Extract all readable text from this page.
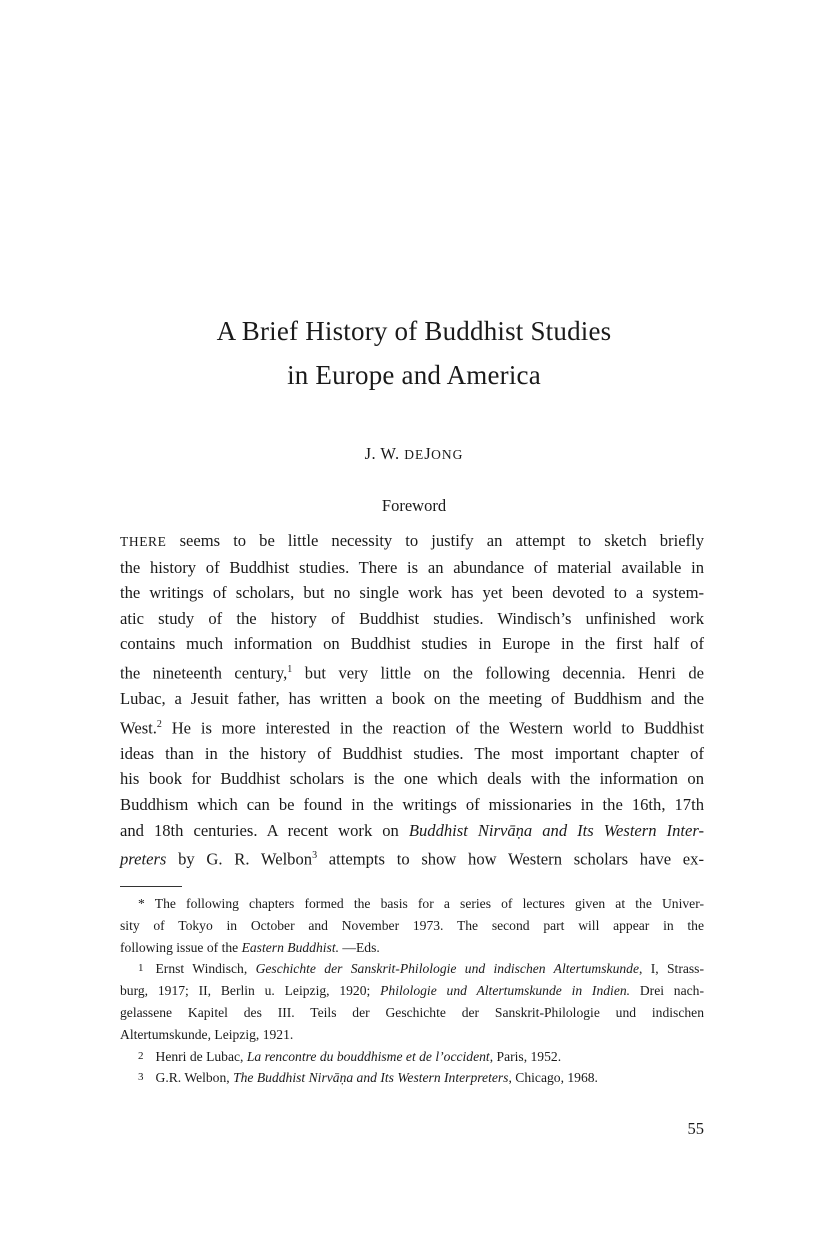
A Brief History of Buddhist Studies
in Europe and America
J. W. DEJONG
Foreword
THERE seems to be little necessity to justify an attempt to sketch briefly
the history of Buddhist studies. There is an abundance of material available in
the writings of scholars, but no single work has yet been devoted to a system-
atic study of the history of Buddhist studies. Windisch’s unfinished work
contains much information on Buddhist studies in Europe in the first half of
the nineteenth century,$^1$ but very little on the following decennia. Henri de
Lubac, a Jesuit father, has written a book on the meeting of Buddhism and the
West.$^2$ He is more interested in the reaction of the Western world to Buddhist
ideas than in the history of Buddhist studies. The most important chapter of
his book for Buddhist scholars is the one which deals with the information on
Buddhism which can be found in the writings of missionaries in the 16th, 17th
and 18th centuries. A recent work on Buddhist Nirvāṇa and Its Western Inter-
preters by G. R. Welbon$^3$ attempts to show how Western scholars have ex-
* The following chapters formed the basis for a series of lectures given at the Univer-
sity of Tokyo in October and November 1973. The second part will appear in the
following issue of the Eastern Buddhist. —Eds.
1 Ernst Windisch, Geschichte der Sanskrit-Philologie und indischen Altertumskunde, I, Strass-
burg, 1917; II, Berlin u. Leipzig, 1920; Philologie und Altertumskunde in Indien. Drei nach-
gelassene Kapitel des III. Teils der Geschichte der Sanskrit-Philologie und indischen
Altertumskunde, Leipzig, 1921.
2 Henri de Lubac, La rencontre du bouddhisme et de l’occident, Paris, 1952.
3 G.R. Welbon, The Buddhist Nirvāṇa and Its Western Interpreters, Chicago, 1968.
55
